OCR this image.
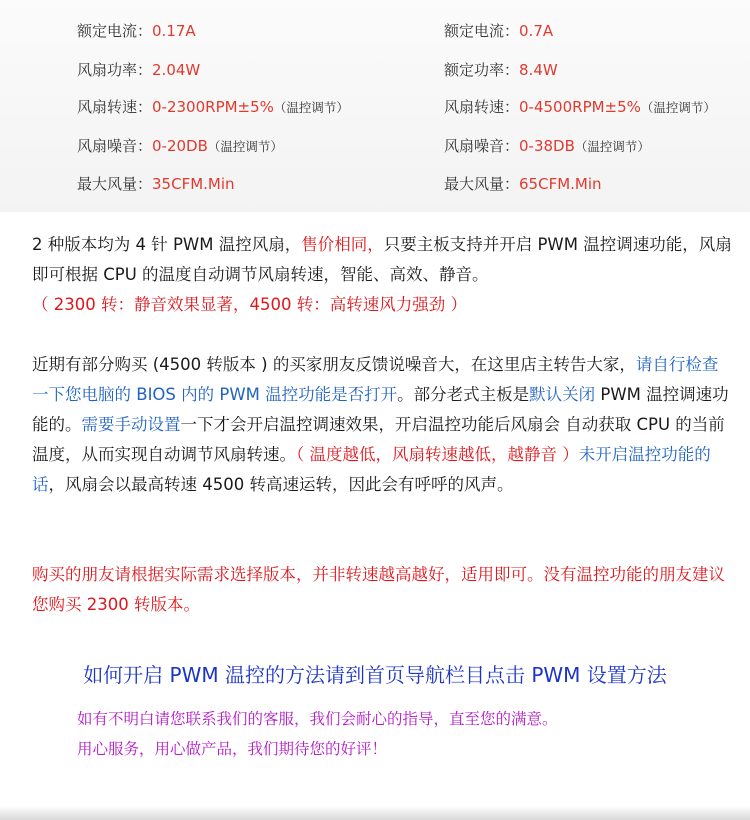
额定电流：0.17A
风扇功率：2.04W
风扇转速：0-2300RPM±5%（温控调节）
风扇噪音：0-20DB（温控调节）
最大风量：35CFM.Min
额定电流：0.7A
额定功率：8.4W
风扇转速：0-4500RPM±5%（温控调节）
风扇噪音：0-38DB（温控调节）
最大风量：65CFM.Min
2 种版本均为 4 针 PWM 温控风扇，售价相同，只要主板支持并开启 PWM 温控调速功能，风扇即可根据 CPU 的温度自动调节风扇转速，智能、高效、静音。
（ 2300 转：静音效果显著，4500 转：高转速风力强劲 ）
近期有部分购买 (4500 转版本 ) 的买家朋友反馈说噪音大，在这里店主转告大家，请自行检查一下您电脑的 BIOS 内的 PWM 温控功能是否打开。部分老式主板是默认关闭 PWM 温控调速功能的。需要手动设置一下才会开启温控调速效果，开启温控功能后风扇会 自动获取 CPU 的当前温度，从而实现自动调节风扇转速。（ 温度越低，风扇转速越低，越静音 ）未开启温控功能的话，风扇会以最高转速 4500 转高速运转，因此会有呼呼的风声。
购买的朋友请根据实际需求选择版本，并非转速越高越好，适用即可。没有温控功能的朋友建议您购买 2300 转版本。
如何开启 PWM 温控的方法请到首页导航栏目点击 PWM 设置方法
如有不明白请您联系我们的客服，我们会耐心的指导，直至您的满意。
用心服务，用心做产品，我们期待您的好评！
